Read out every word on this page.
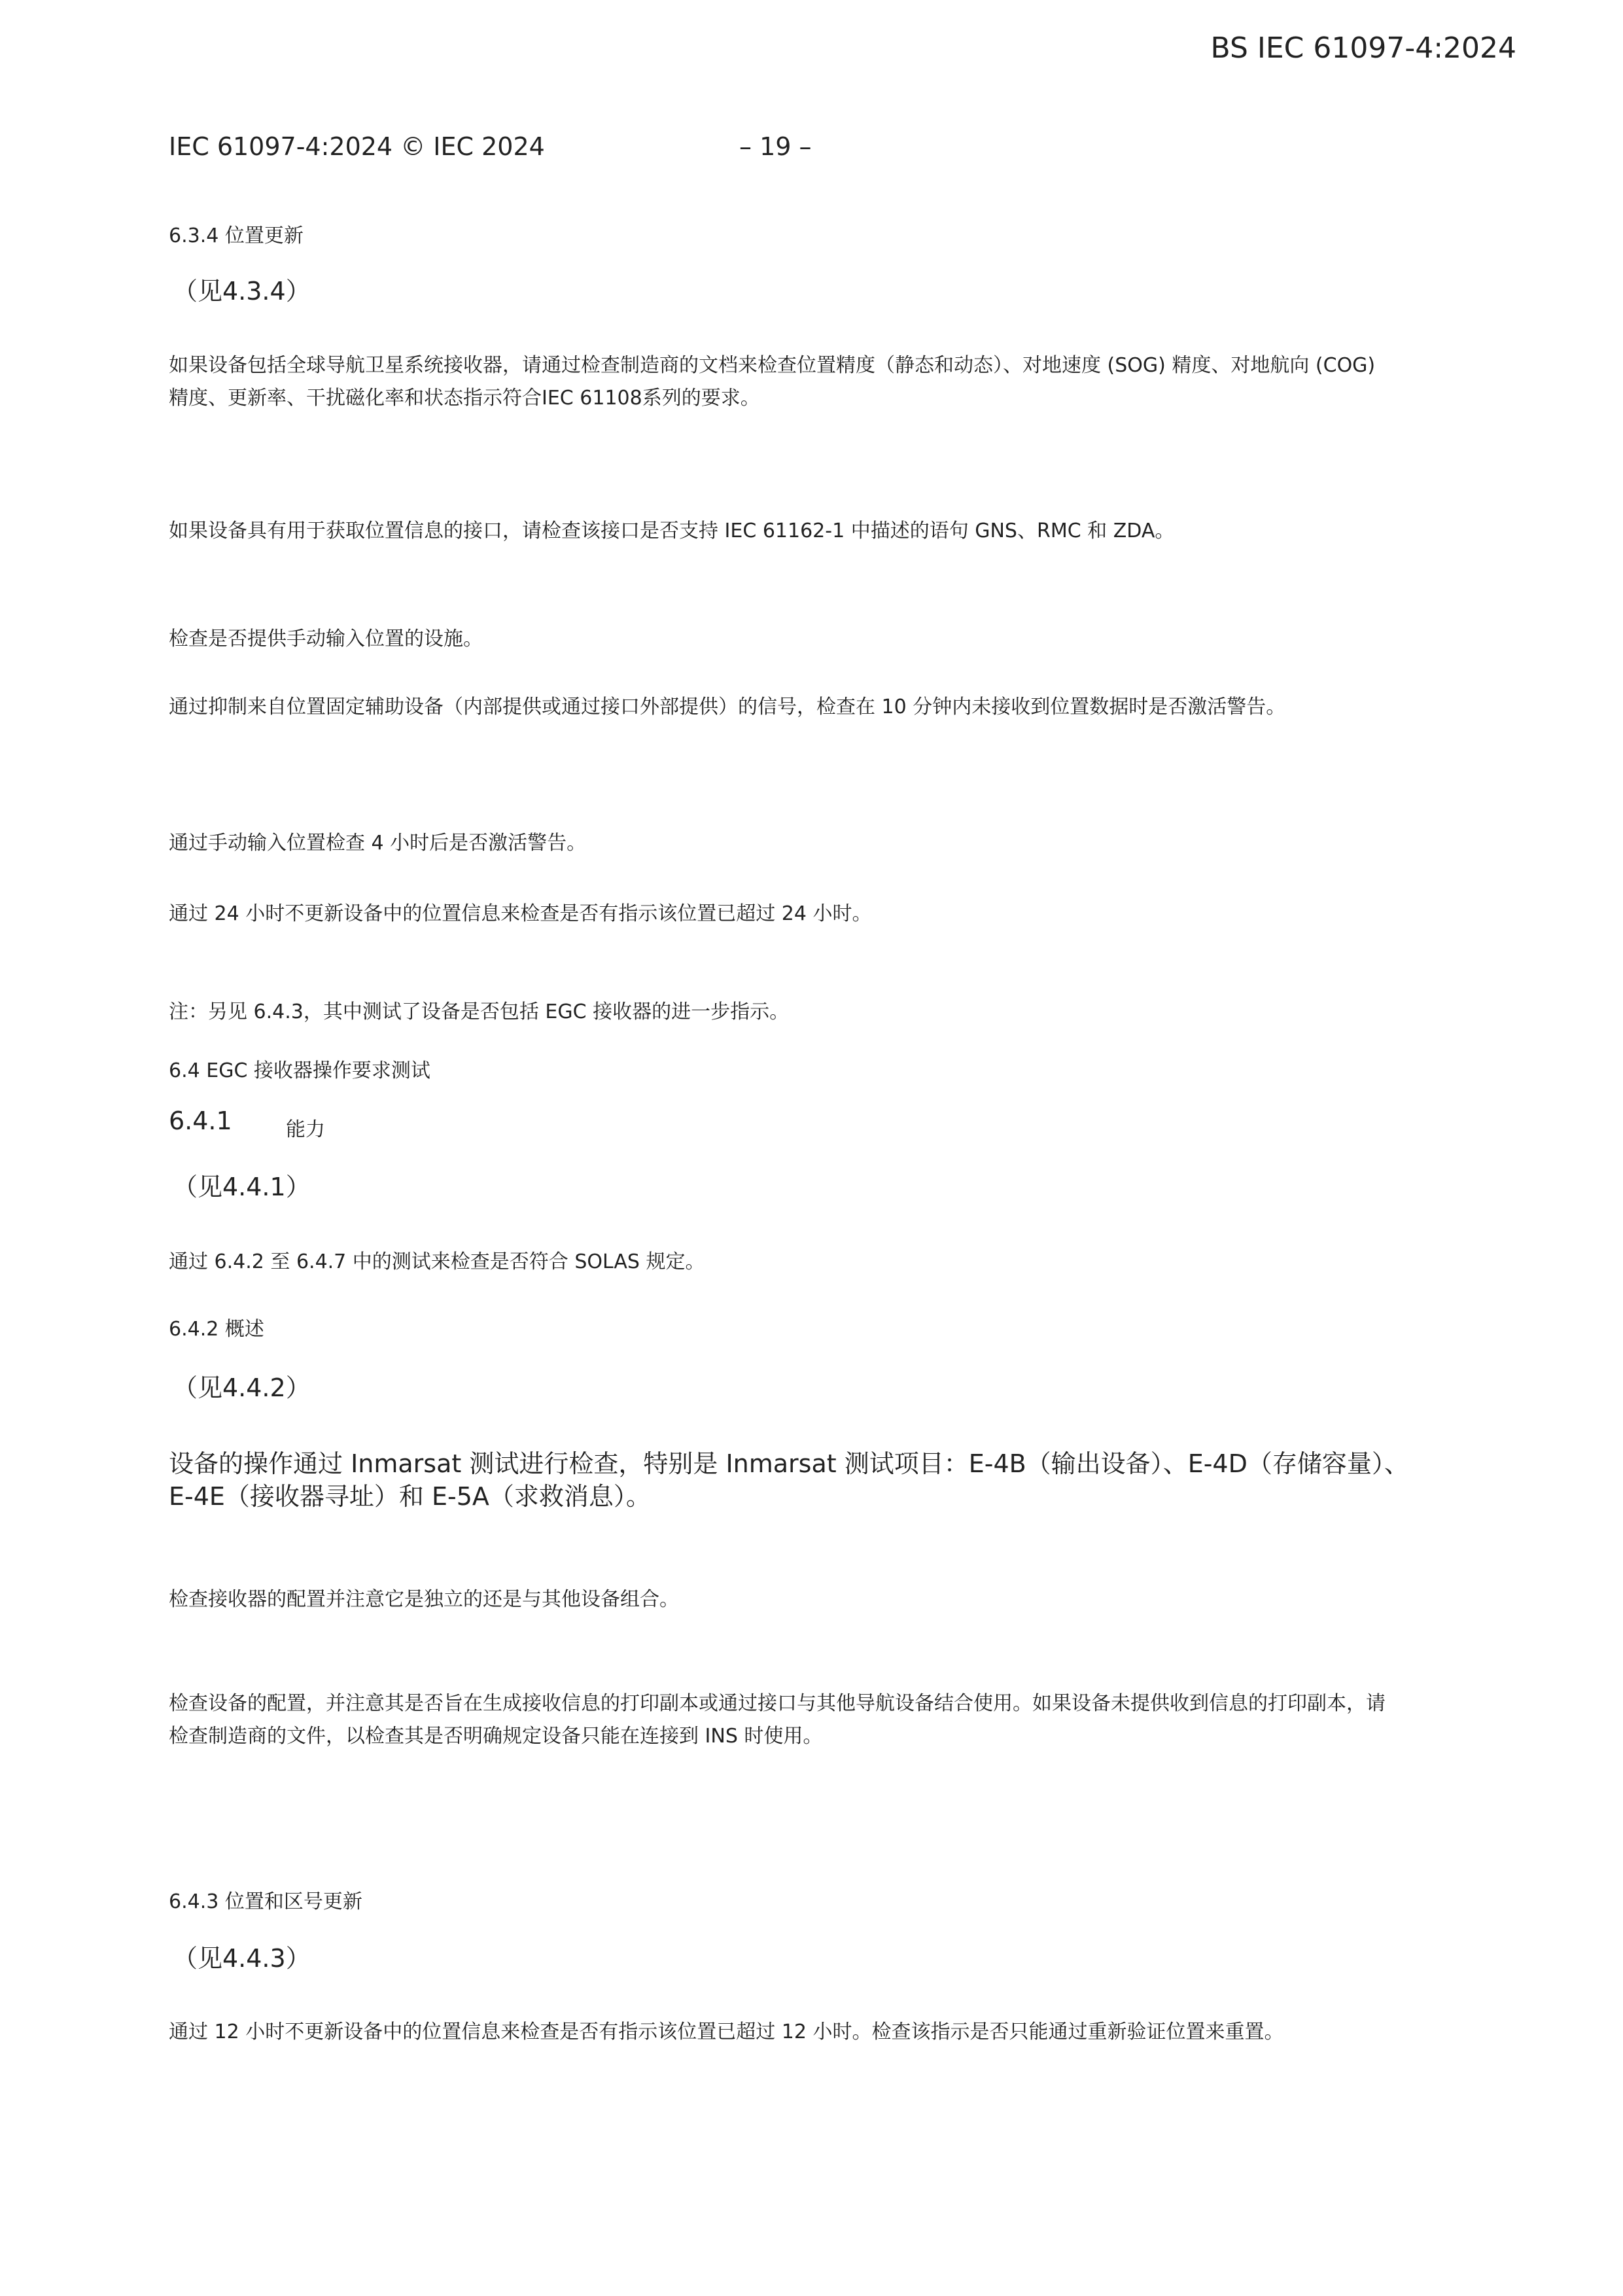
BS IEC 61097-4:2024
IEC 61097-4:2024 © IEC 2024	– 19 –
6.3.4 位置更新
（见4.3.4）
如果设备包括全球导航卫星系统接收器，请通过检查制造商的文档来检查位置精度（静态和动态）、对地速度 (SOG) 精度、对地航向 (COG)
精度、更新率、干扰磁化率和状态指示符合IEC 61108系列的要求。
如果设备具有用于获取位置信息的接口，请检查该接口是否支持 IEC 61162-1 中描述的语句 GNS、RMC 和 ZDA。
检查是否提供手动输入位置的设施。
通过抑制来自位置固定辅助设备（内部提供或通过接口外部提供）的信号，检查在 10 分钟内未接收到位置数据时是否激活警告。
通过手动输入位置检查 4 小时后是否激活警告。
通过 24 小时不更新设备中的位置信息来检查是否有指示该位置已超过 24 小时。
注：另见 6.4.3，其中测试了设备是否包括 EGC 接收器的进一步指示。
6.4 EGC 接收器操作要求测试
6.4.1	能力
（见4.4.1）
通过 6.4.2 至 6.4.7 中的测试来检查是否符合 SOLAS 规定。
6.4.2 概述
（见4.4.2）
设备的操作通过 Inmarsat 测试进行检查，特别是 Inmarsat 测试项目：E-4B（输出设备）、E-4D（存储容量）、
E-4E（接收器寻址）和 E-5A（求救消息）。
检查接收器的配置并注意它是独立的还是与其他设备组合。
检查设备的配置，并注意其是否旨在生成接收信息的打印副本或通过接口与其他导航设备结合使用。如果设备未提供收到信息的打印副本，请
检查制造商的文件，以检查其是否明确规定设备只能在连接到 INS 时使用。
6.4.3 位置和区号更新
（见4.4.3）
通过 12 小时不更新设备中的位置信息来检查是否有指示该位置已超过 12 小时。检查该指示是否只能通过重新验证位置来重置。
